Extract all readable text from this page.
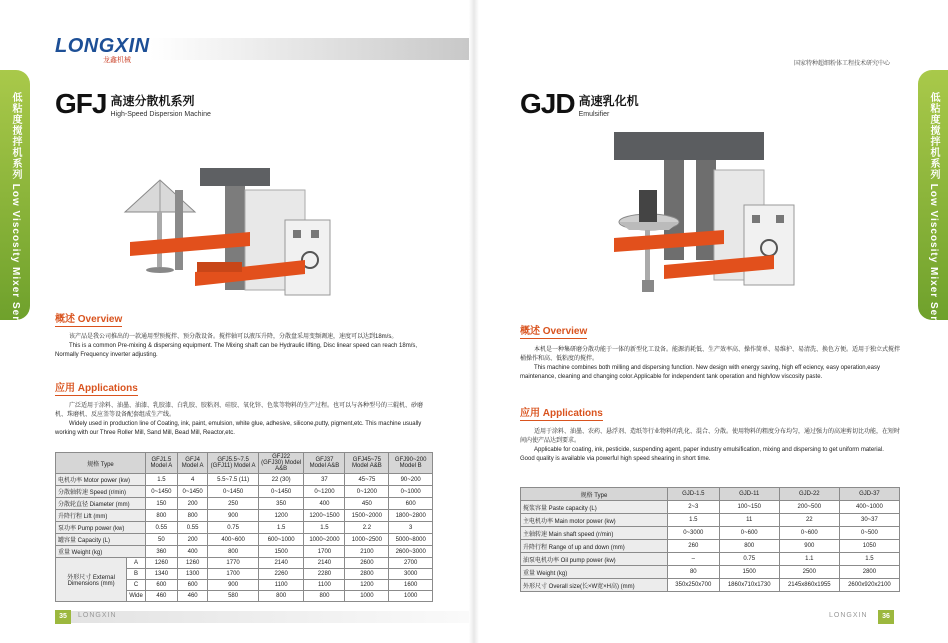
低粘度搅拌机系列 Low Viscosity Mixer Series
LONGXIN
龙鑫机械
GFJ 高速分散机系列
High-Speed Dispersion Machine
概述 Overview

该产品是我公司推出的一款通用型预搅拌、预分散设备。搅拌轴可以液压升降，分散盘采用变频调速，速度可以达到18m/s。

This is a common Pre-mixing & dispersing equipment. The Mixing shaft can be Hydraulic lifting, Disc linear speed can reach 18m/s, Normally Frequency inverter adjusting.

应用 Applications

广泛适用于涂料、油墨、油漆、乳胶漆、白乳胶、胶粘剂、硅胶、氧化锌、色浆等物料的生产过程。也可以与各种型号的三辊机、砂磨机、珠磨机、反应釜等设备配套组成生产线。

Widely used in production line of Coating, ink, paint, emulsion, white glue, adhesive, silicone,putty, pigment,etc. This machine usually working with our Three Roller Mill, Sand Mill, Bead Mill, Reactor,etc.

规格 Type		GFJ1.5 Model A	GFJ4 Model A	GFJ5.5~7.5 (GFJ11) Model A	GFJ22 (GFJ30) Model A&B	GFJ37 Model A&B	GFJ45~75 Model A&B	GFJ90~200 Model B
电机功率 Motor power (kw)		1.5	4	5.5~7.5 (11)	22 (30)	37	45~75	90~200
分散轴转速 Speed (r/min)		0~1450	0~1450	0~1450	0~1450	0~1200	0~1200	0~1000
分散轮直径 Diameter (mm)		150	200	250	350	400	450	600
升降行程 Lift (mm)		800	800	900	1200	1200~1500	1500~2000	1800~2800
泵功率 Pump power (kw)		0.55	0.55	0.75	1.5	1.5	2.2	3
罐容量 Capacity (L)		50	200	400~600	600~1000	1000~2000	1000~2500	5000~8000
重量 Weight (kg)		360	400	800	1500	1700	2100	2600~3000
外形尺寸 External Dimensions (mm)	A	1260	1260	1770	2140	2140	2600	2700
	B	1340	1300	1700	2260	2280	2800	3000
	C	600	600	900	1100	1100	1200	1600
	Wide	460	460	580	800	800	1000	1000
35	LONGXIN
低粘度搅拌机系列 Low Viscosity Mixer Series
高新技术企业
国家特种超细粉体工程技术研究中心
GJD 高速乳化机
Emulsifier
概述 Overview

本机是一种集研磨分散功能于一体的新型化工设备。能源消耗低、生产效率高、操作简单、易维护、易清洗、换色方便。适用于独立式搅拌桶操作和高、低粘度的搅拌。

This machine combines both milling and dispersing function. New design with energy saving, high eff eciency, easy operation,easy maintenance, cleaning and changing color.Applicable for independent tank operation and high/low viscosity paste.

应用 Applications

适用于涂料、油墨、农药、悬浮剂、造纸等行业物料的乳化、混合、分散。使用物料的粗度分布均匀，通过强力的高速剪切比功能，在短时间内使产品达到要求。

Applicable for coating, ink, pesticide, suspending agent, paper industry emulsification, mixing and dispersing to get uniform material. Good quality is available via powerful high speed shearing in short time.

规格 Type	GJD-1.5	GJD-11	GJD-22	GJD-37
搅浆容量 Paste capacity (L)	2~3	100~150	200~500	400~1000
主电机功率 Main motor power (kw)	1.5	11	22	30~37
主轴转速 Main shaft speed (r/min)	0~3000	0~600	0~600	0~500
升降行程 Range of up and down (mm)	260	800	900	1050
油泵电机功率 Oil pump power (kw)	–	0.75	1.1	1.5
重量 Weight (kg)	80	1500	2500	2800
外形尺寸 Overall size(长×W宽×H高) (mm)	350x250x700	1860x710x1730	2145x860x1955	2600x920x2100
36
LONGXIN
